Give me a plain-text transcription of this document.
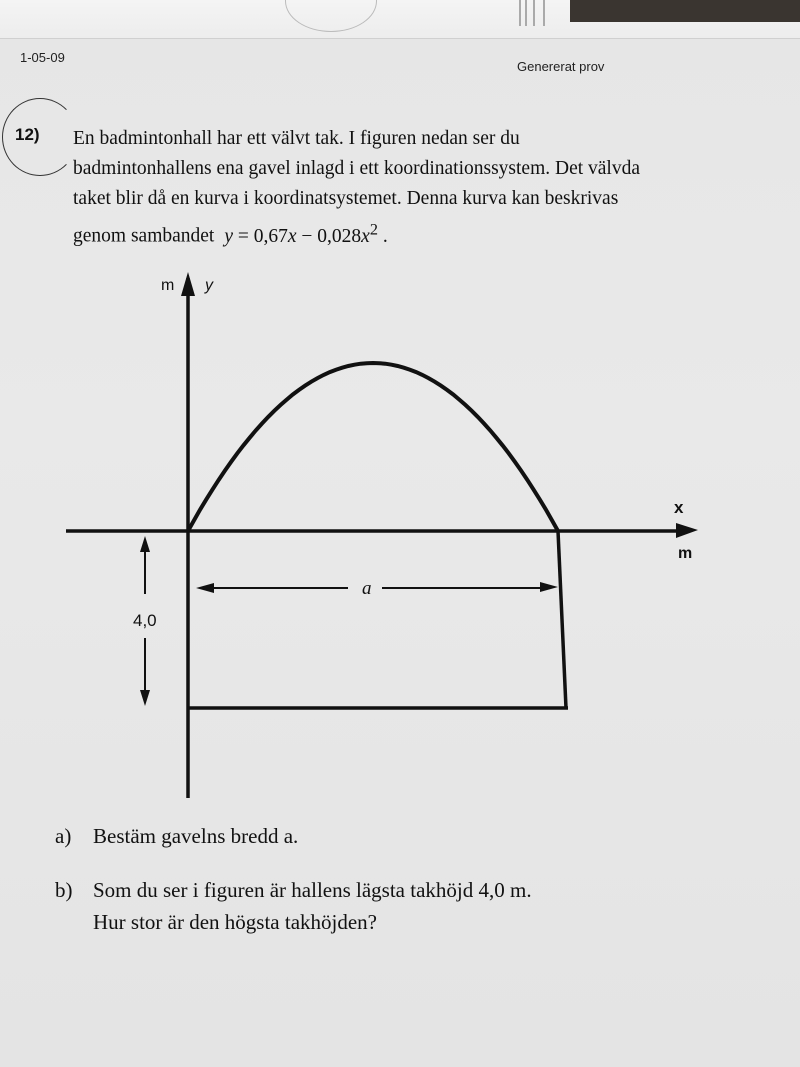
1-05-09
Genererat prov
12) En badmintonhall har ett välvt tak. I figuren nedan ser du
badmintonhallens ena gavel inlagd i ett koordinationssystem. Det välvda
taket blir då en kurva i koordinatsystemet. Denna kurva kan beskrivas
genom sambandet $y = 0,67x - 0,028x^2$ .
m y
x
m
a
4,0
a) Bestäm gavelns bredd a.
b) Som du ser i figuren är hallens lägsta takhöjd 4,0 m.
Hur stor är den högsta takhöjden?
